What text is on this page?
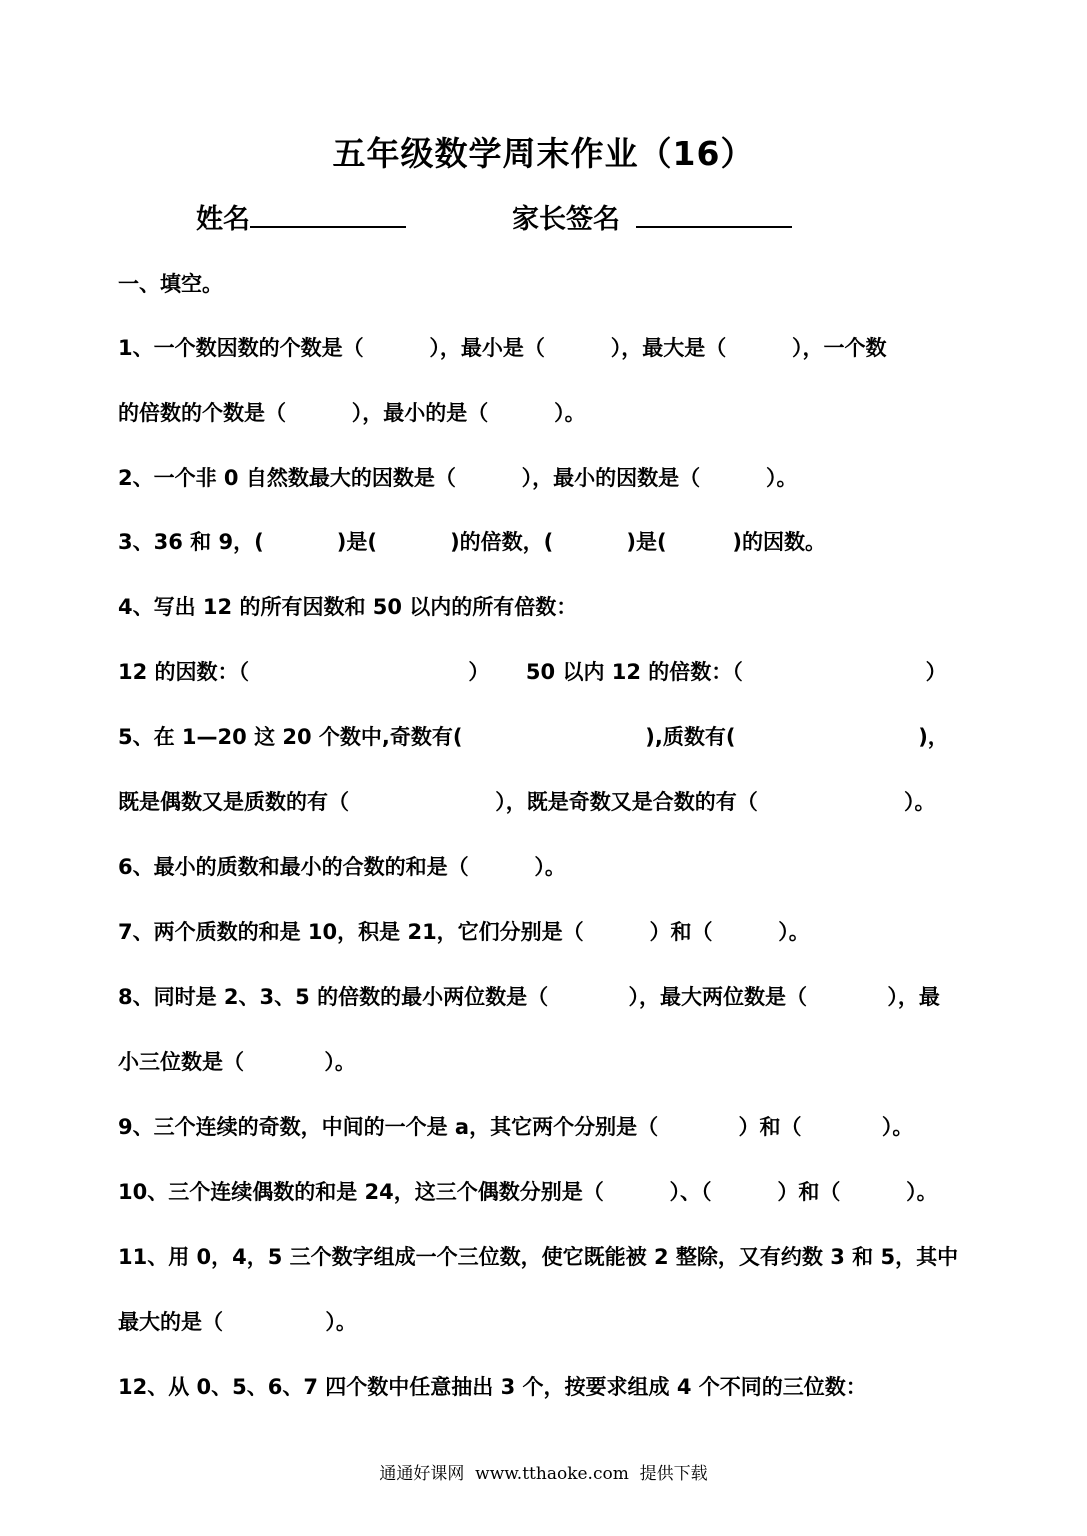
五年级数学周末作业（16）
姓名	家长签名
一、填空。
1、一个数因数的个数是（         ），最小是（         ），最大是（         ），一个数
的倍数的个数是（         ），最小的是（         ）。
2、一个非 0 自然数最大的因数是（         ），最小的因数是（         ）。
3、36 和 9，(          )是(          )的倍数，(          )是(         )的因数。
4、写出 12 的所有因数和 50 以内的所有倍数：
12 的因数：（                              ）     50 以内 12 的倍数：（                         ）
5、在 1—20 这 20 个数中,奇数有(                         ),质数有(                         )，
既是偶数又是质数的有（                    ），既是奇数又是合数的有（                    ）。
6、最小的质数和最小的合数的和是（         ）。
7、两个质数的和是 10，积是 21，它们分别是（         ）和（         ）。
8、同时是 2、3、5 的倍数的最小两位数是（           ），最大两位数是（           ），最
小三位数是（           ）。
9、三个连续的奇数，中间的一个是 a，其它两个分别是（           ）和（           ）。
10、三个连续偶数的和是 24，这三个偶数分别是（         ）、（         ）和（         ）。
11、用 0，4，5 三个数字组成一个三位数，使它既能被 2 整除，又有约数 3 和 5，其中
最大的是（              ）。
12、从 0、5、6、7 四个数中任意抽出 3 个，按要求组成 4 个不同的三位数：
通通好课网  www.tthaoke.com  提供下载
